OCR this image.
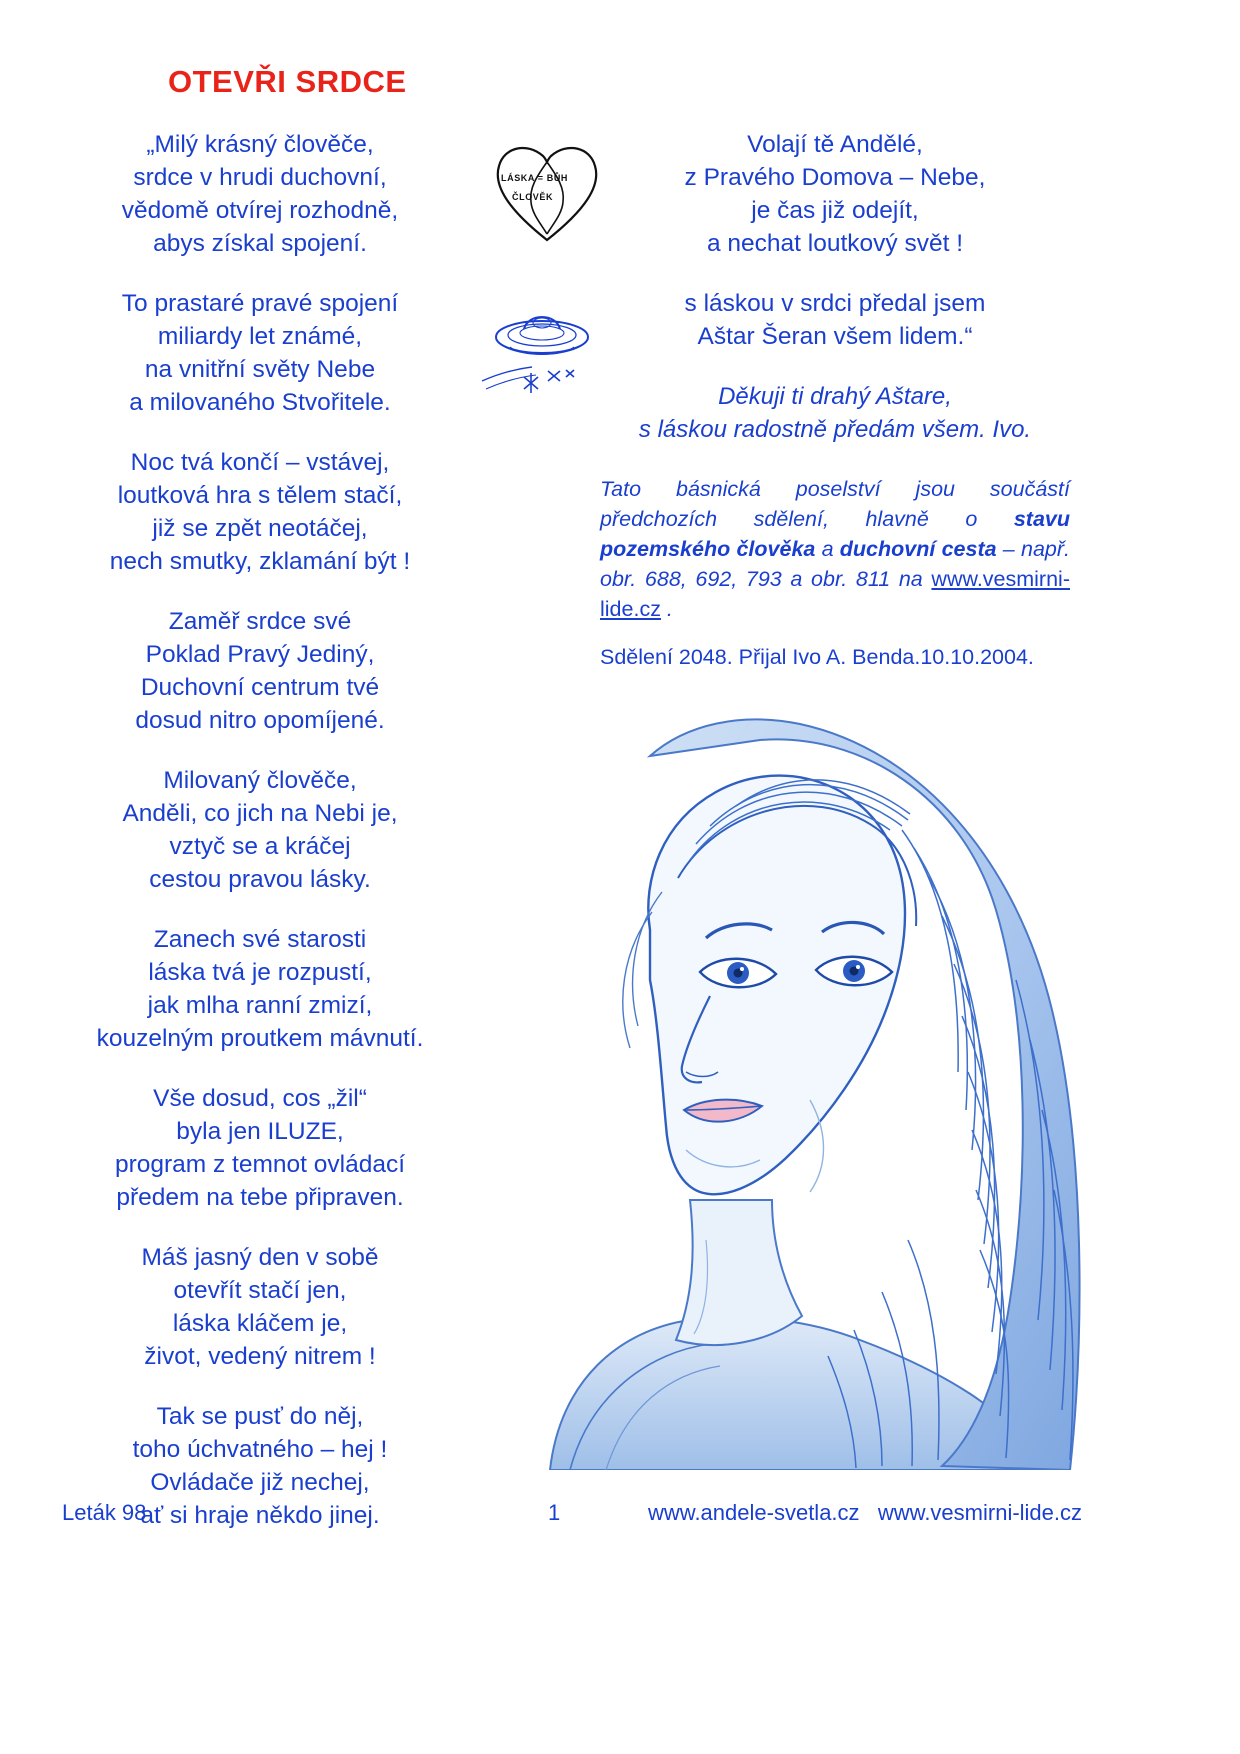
OTEVŘI SRDCE
„Milý krásný člověče,
srdce v hrudi duchovní,
vědomě otvírej rozhodně,
abys získal spojení.
To prastaré pravé spojení
miliardy let známé,
na vnitřní světy Nebe
a milovaného Stvořitele.
Noc tvá končí – vstávej,
loutková hra s tělem stačí,
již se zpět neotáčej,
nech smutky, zklamání být !
Zaměř srdce své
Poklad Pravý Jediný,
Duchovní centrum tvé
dosud nitro opomíjené.
Milovaný člověče,
Anděli, co jich na Nebi je,
vztyč se a kráčej
cestou pravou lásky.
Zanech své starosti
láska tvá je rozpustí,
jak mlha ranní zmizí,
kouzelným proutkem mávnutí.
Vše dosud, cos „žil“
byla jen ILUZE,
program z temnot ovládací
předem na tebe připraven.
Máš jasný den v sobě
otevřít stačí jen,
láska kláčem je,
život, vedený nitrem !
Tak se pusť do něj,
toho úchvatného – hej !
Ovládače již nechej,
ať si hraje někdo jinej.
LÁSKA = BŮH
ČLOVĚK
Volají tě Andělé,
z Pravého Domova – Nebe,
je čas již odejít,
a nechat loutkový svět !
s láskou v srdci předal jsem
Aštar Šeran všem lidem.“
Děkuji ti drahý Aštare,
s láskou radostně předám všem. Ivo.
Tato básnická poselství jsou součástí předchozích sdělení, hlavně o stavu pozemského člověka a duchovní cesta – např. obr. 688, 692, 793 a obr. 811 na www.vesmirni-lide.cz .
Sdělení 2048. Přijal Ivo A. Benda.10.10.2004.
Leták 98	1	www.andele-svetla.cz   www.vesmirni-lide.cz
